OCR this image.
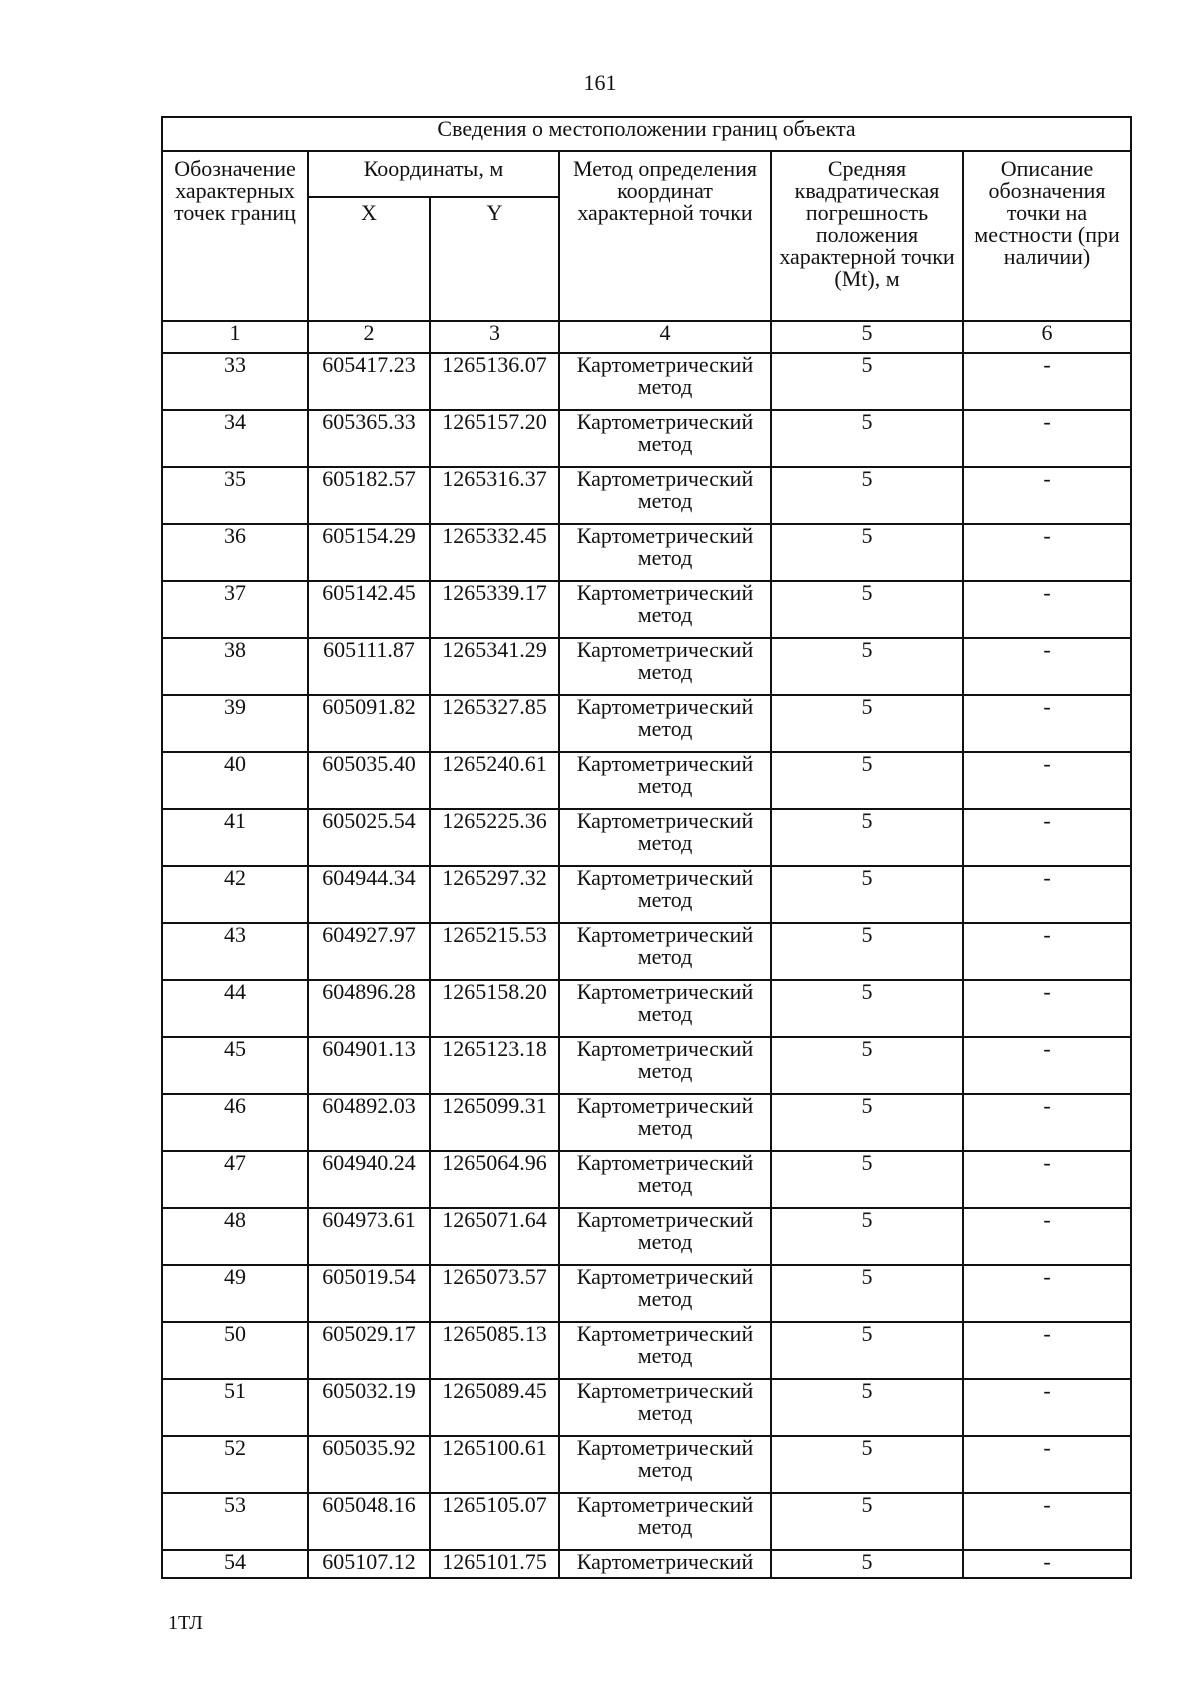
161
Сведения о местоположении границ объекта					
Обозначение характерных точек границ	Координаты, м		Метод определения координат характерной точки	Средняя квадратическая погрешность положения характерной точки (Mt), м	Описание обозначения точки на местности (при наличии)
	X	Y			
1	2	3	4	5	6
33	605417.23	1265136.07	Картометрический метод	5	-
34	605365.33	1265157.20	Картометрический метод	5	-
35	605182.57	1265316.37	Картометрический метод	5	-
36	605154.29	1265332.45	Картометрический метод	5	-
37	605142.45	1265339.17	Картометрический метод	5	-
38	605111.87	1265341.29	Картометрический метод	5	-
39	605091.82	1265327.85	Картометрический метод	5	-
40	605035.40	1265240.61	Картометрический метод	5	-
41	605025.54	1265225.36	Картометрический метод	5	-
42	604944.34	1265297.32	Картометрический метод	5	-
43	604927.97	1265215.53	Картометрический метод	5	-
44	604896.28	1265158.20	Картометрический метод	5	-
45	604901.13	1265123.18	Картометрический метод	5	-
46	604892.03	1265099.31	Картометрический метод	5	-
47	604940.24	1265064.96	Картометрический метод	5	-
48	604973.61	1265071.64	Картометрический метод	5	-
49	605019.54	1265073.57	Картометрический метод	5	-
50	605029.17	1265085.13	Картометрический метод	5	-
51	605032.19	1265089.45	Картометрический метод	5	-
52	605035.92	1265100.61	Картометрический метод	5	-
53	605048.16	1265105.07	Картометрический метод	5	-
54	605107.12	1265101.75	Картометрический	5	-
1ТЛ
